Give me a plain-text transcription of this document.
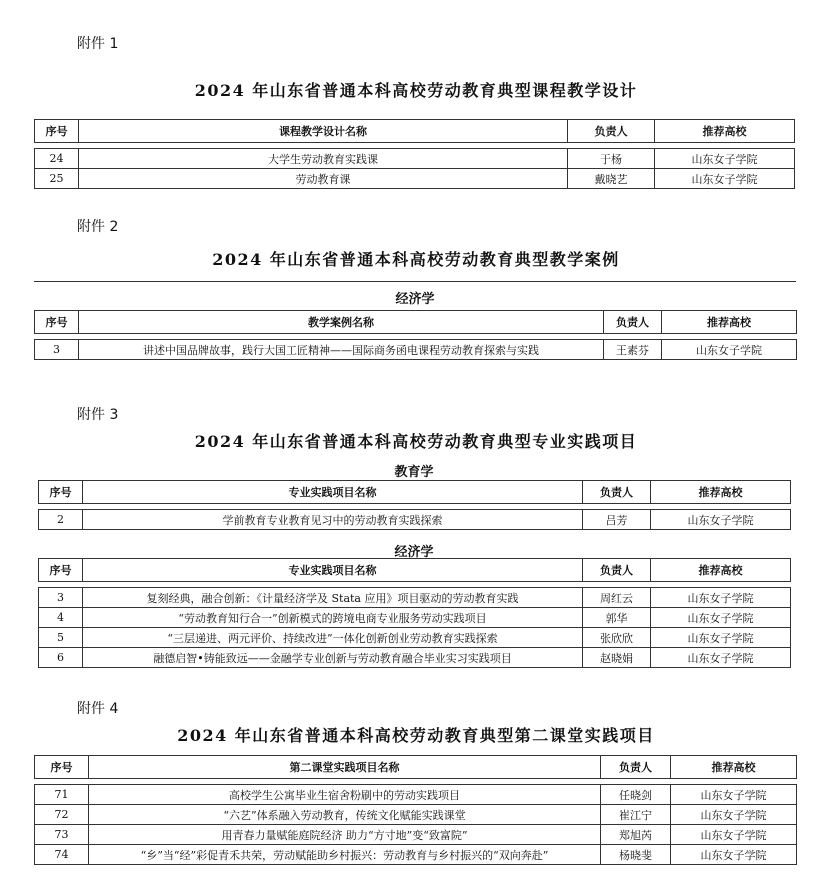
附件 1
2024 年山东省普通本科高校劳动教育典型课程教学设计
序号	课程教学设计名称	负责人	推荐高校

24	大学生劳动教育实践课	于杨	山东女子学院
25	劳动教育课	戴晓艺	山东女子学院
附件 2
2024 年山东省普通本科高校劳动教育典型教学案例
经济学
序号	教学案例名称	负责人	推荐高校

3	讲述中国品牌故事，践行大国工匠精神——国际商务函电课程劳动教育探索与实践	王素芬	山东女子学院
附件 3
2024 年山东省普通本科高校劳动教育典型专业实践项目
教育学
序号	专业实践项目名称	负责人	推荐高校

2	学前教育专业教育见习中的劳动教育实践探索	吕芳	山东女子学院
经济学
序号	专业实践项目名称	负责人	推荐高校

3	复刻经典，融合创新：《计量经济学及 Stata 应用》项目驱动的劳动教育实践	周红云	山东女子学院
4	“劳动教育知行合一”创新模式的跨境电商专业服务劳动实践项目	郭华	山东女子学院
5	“三层递进、两元评价、持续改进”一体化创新创业劳动教育实践探索	张欣欣	山东女子学院
6	融德启智•铸能致远——金融学专业创新与劳动教育融合毕业实习实践项目	赵晓娟	山东女子学院
附件 4
2024 年山东省普通本科高校劳动教育典型第二课堂实践项目
序号	第二课堂实践项目名称	负责人	推荐高校

71	高校学生公寓毕业生宿舍粉刷中的劳动实践项目	任晓剑	山东女子学院
72	“六艺”体系融入劳动教育，传统文化赋能实践课堂	崔江宁	山东女子学院
73	用青春力量赋能庭院经济 助力“方寸地”变“致富院”	郑旭芮	山东女子学院
74	“乡”当“经”彩促青禾共荣，劳动赋能助乡村振兴：劳动教育与乡村振兴的“双向奔赴”	杨晓斐	山东女子学院
